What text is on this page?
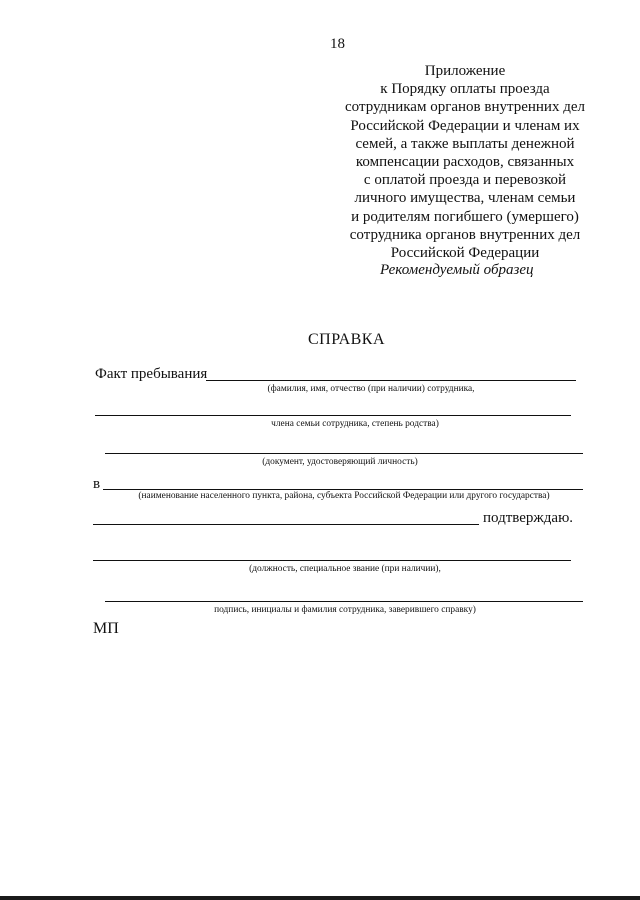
18
Приложение
к Порядку оплаты проезда
сотрудникам органов внутренних дел
Российской Федерации и членам их
семей, а также выплаты денежной
компенсации расходов, связанных
с оплатой проезда и перевозкой
личного имущества, членам семьи
и родителям погибшего (умершего)
сотрудника органов внутренних дел
Российской Федерации
Рекомендуемый образец
СПРАВКА
Факт пребывания
(фамилия, имя, отчество (при наличии) сотрудника,
члена семьи сотрудника, степень родства)
(документ, удостоверяющий личность)
в
(наименование населенного пункта, района, субъекта Российской Федерации или другого государства)
подтверждаю.
(должность, специальное звание (при наличии),
подпись, инициалы и фамилия сотрудника, заверившего справку)
МП
